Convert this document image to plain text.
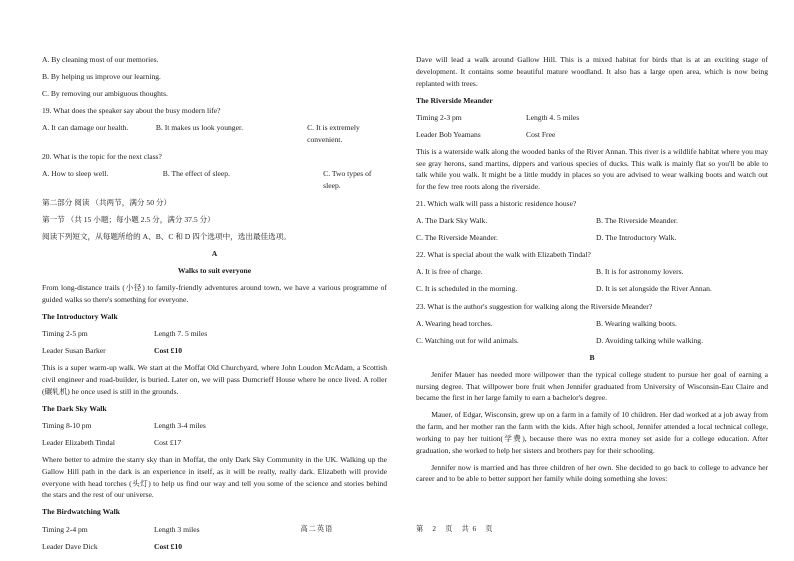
A. By cleaning most of our memories.

B. By helping us improve our learning.

C. By removing our ambiguous thoughts.

19. What does the speaker say about the busy modern life?

A. It can damage our health.	B. It makes us look younger.	C. It is extremely convenient.

20. What is the topic for the next class?

A. How to sleep well.	B. The effect of sleep.	C. Two types of sleep.

第二部分 阅读 （共两节，满分 50 分）

第一节 （共 15 小题；每小题 2.5 分，满分 37.5 分）

阅读下列短文，从每题所给的 A、B、C 和 D 四个选项中，选出最佳选项。

A

Walks to suit everyone

From long-distance trails (小径) to family-friendly adventures around town, we have a various programme of guided walks so there's something for everyone.

The Introductory Walk

Timing 2-5 pm	Length 7. 5 miles
Leader Susan Barker	Cost £10

This is a super warm-up walk. We start at the Moffat Old Churchyard, where John Loudon McAdam, a Scottish civil engineer and road-builder, is buried. Later on, we will pass Dumcrieff House where he once lived. A roller (碾轧机) he once used is still in the grounds.

The Dark Sky Walk

Timing 8-10 pm	Length 3-4 miles
Leader Elizabeth Tindal	Cost £17

Where better to admire the starry sky than in Moffat, the only Dark Sky Community in the UK. Walking up the Gallow Hill path in the dark is an experience in itself, as it will be really, really dark. Elizabeth will provide everyone with head torches (头灯) to help us find our way and tell you some of the science and stories behind the stars and the rest of our universe.

The Birdwatching Walk

Timing 2-4 pm	Length 3 miles
Leader Dave Dick	Cost £10

Dave will lead a walk around Gallow Hill. This is a mixed habitat for birds that is at an exciting stage of development. It contains some beautiful mature woodland. It also has a large open area, which is now being replanted with trees.

The Riverside Meander

Timing 2-3 pm	Length 4. 5 miles
Leader Bob Yeamans	Cost Free

This is a waterside walk along the wooded banks of the River Annan. This river is a wildlife habitat where you may see gray herons, sand martins, dippers and various species of ducks. This walk is mainly flat so you'll be able to talk while you walk. It might be a little muddy in places so you are advised to wear walking boots and watch out for the few tree roots along the riverside.

21. Which walk will pass a historic residence house?

A. The Dark Sky Walk.	B. The Riverside Meander.
C. The Riverside Meander.	D. The Introductory Walk.

22. What is special about the walk with Elizabeth Tindal?

A. It is free of charge.	B. It is for astronomy lovers.
C. It is scheduled in the morning.	D. It is set alongside the River Annan.

23. What is the author's suggestion for walking along the Riverside Meander?

A. Wearing head torches.	B. Wearing walking boots.
C. Watching out for wild animals.	D. Avoiding talking while walking.

B

Jenifer Mauer has needed more willpower than the typical college student to pursue her goal of earning a nursing degree. That willpower bore fruit when Jennifer graduated from University of Wisconsin-Eau Claire and became the first in her large family to earn a bachelor's degree.

Mauer, of Edgar, Wisconsin, grew up on a farm in a family of 10 children. Her dad worked at a job away from the farm, and her mother ran the farm with the kids. After high school, Jennifer attended a local technical college, working to pay her tuition(学费), because there was no extra money set aside for a college education. After graduation, she worked to help her sisters and brothers pay for their schooling.

Jennifer now is married and has three children of her own. She decided to go back to college to advance her career and to be able to better support her family while doing something she loves:

高二英语	第　2　页　共 6　页
